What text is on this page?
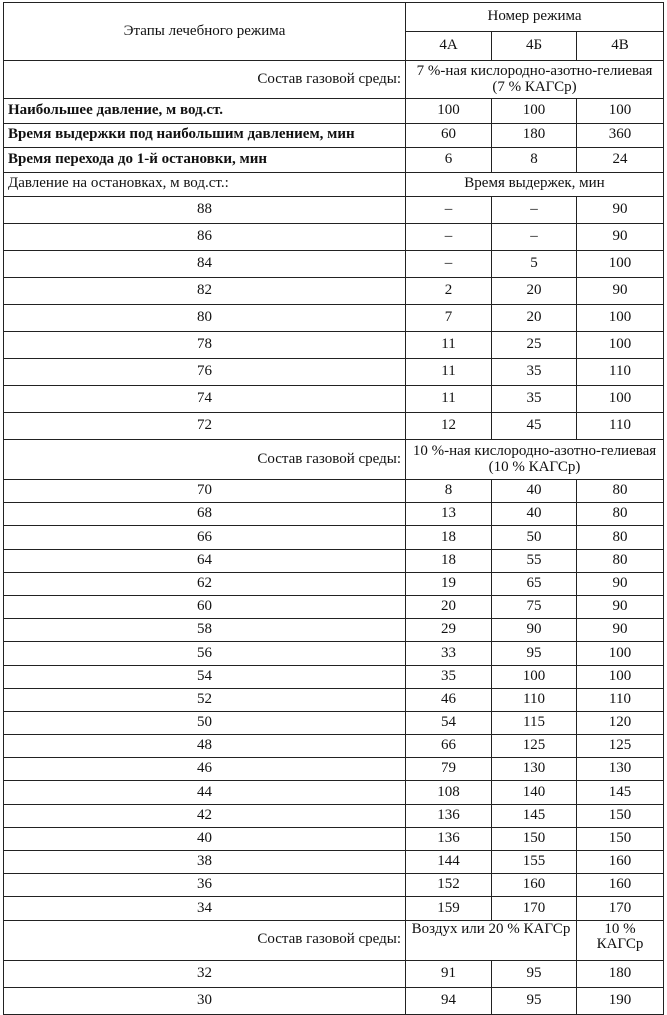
Этапы лечебного режима	Номер режима		
	4А	4Б	4В
Состав газовой среды:	7 %-ная кислородно-азотно-гелиевая (7 % КАГСр)		
Наибольшее давление, м вод.ст.	100	100	100
Время выдержки под наибольшим давлением, мин	60	180	360
Время перехода до 1-й остановки, мин	6	8	24
Давление на остановках, м вод.ст.:	Время выдержек, мин		
88	–	–	90
86	–	–	90
84	–	5	100
82	2	20	90
80	7	20	100
78	11	25	100
76	11	35	110
74	11	35	100
72	12	45	110
Состав газовой среды:	10 %-ная кислородно-азотно-гелиевая (10 % КАГСр)		
70	8	40	80
68	13	40	80
66	18	50	80
64	18	55	80
62	19	65	90
60	20	75	90
58	29	90	90
56	33	95	100
54	35	100	100
52	46	110	110
50	54	115	120
48	66	125	125
46	79	130	130
44	108	140	145
42	136	145	150
40	136	150	150
38	144	155	160
36	152	160	160
34	159	170	170
Состав газовой среды:	Воздух или 20 % КАГСр		10 % КАГСр
32	91	95	180
30	94	95	190
